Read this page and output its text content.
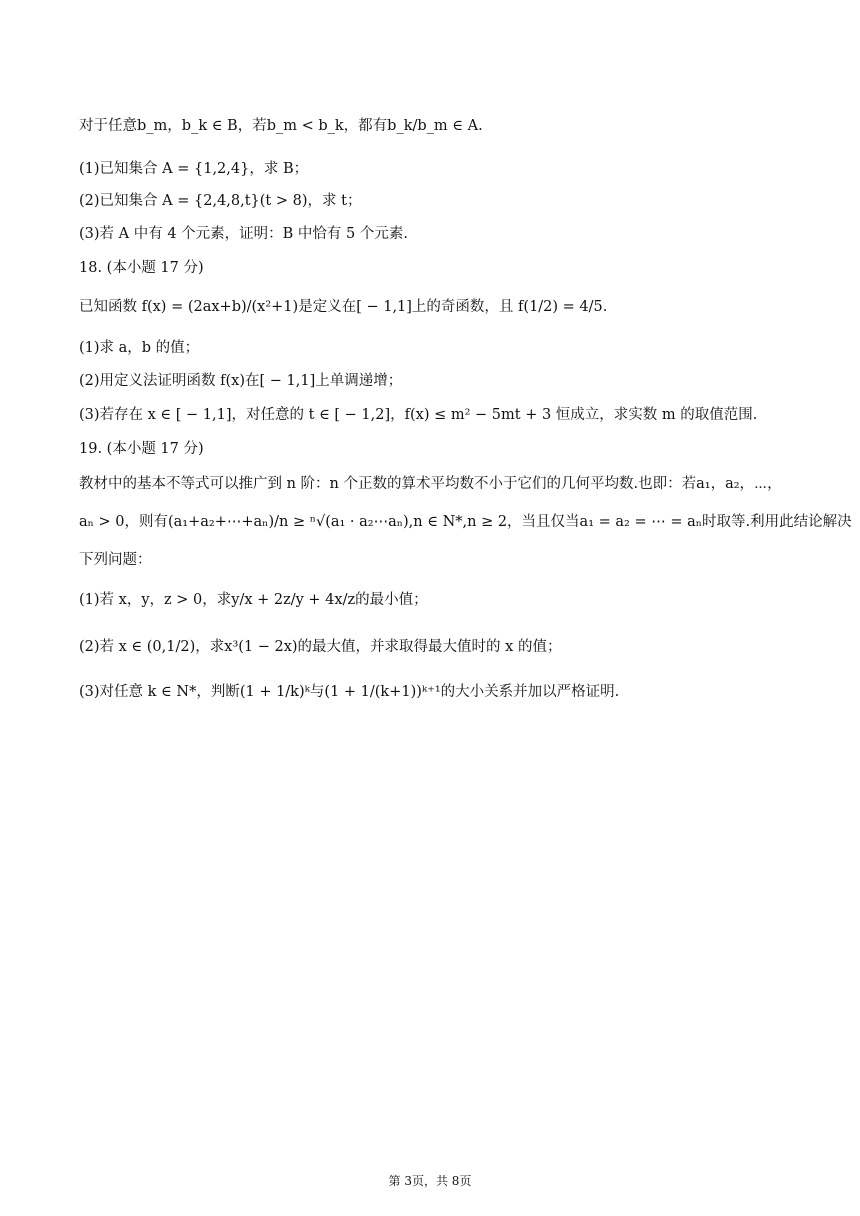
对于任意b_m，b_k ∈ B，若b_m < b_k，都有b_k/b_m ∈ A.
(1)已知集合 A = {1,2,4}，求 B；
(2)已知集合 A = {2,4,8,t}(t > 8)，求 t；
(3)若 A 中有 4 个元素，证明：B 中恰有 5 个元素.
18. (本小题 17 分)
已知函数 f(x) = (2ax+b)/(x²+1)是定义在[ − 1,1]上的奇函数，且 f(1/2) = 4/5.
(1)求 a，b 的值；
(2)用定义法证明函数 f(x)在[ − 1,1]上单调递增；
(3)若存在 x ∈ [ − 1,1]，对任意的 t ∈ [ − 1,2]，f(x) ≤ m² − 5mt + 3 恒成立，求实数 m 的取值范围.
19. (本小题 17 分)
教材中的基本不等式可以推广到 n 阶：n 个正数的算术平均数不小于它们的几何平均数.也即：若a₁，a₂，⋯，
aₙ > 0，则有(a₁+a₂+⋯+aₙ)/n ≥ ⁿ√(a₁ · a₂⋯aₙ),n ∈ N*,n ≥ 2，当且仅当a₁ = a₂ = ⋯ = aₙ时取等.利用此结论解决
下列问题：
(1)若 x，y，z > 0，求y/x + 2z/y + 4x/z的最小值；
(2)若 x ∈ (0,1/2)，求x³(1 − 2x)的最大值，并求取得最大值时的 x 的值；
(3)对任意 k ∈ N*，判断(1 + 1/k)ᵏ与(1 + 1/(k+1))ᵏ⁺¹的大小关系并加以严格证明.
第 3页，共 8页
